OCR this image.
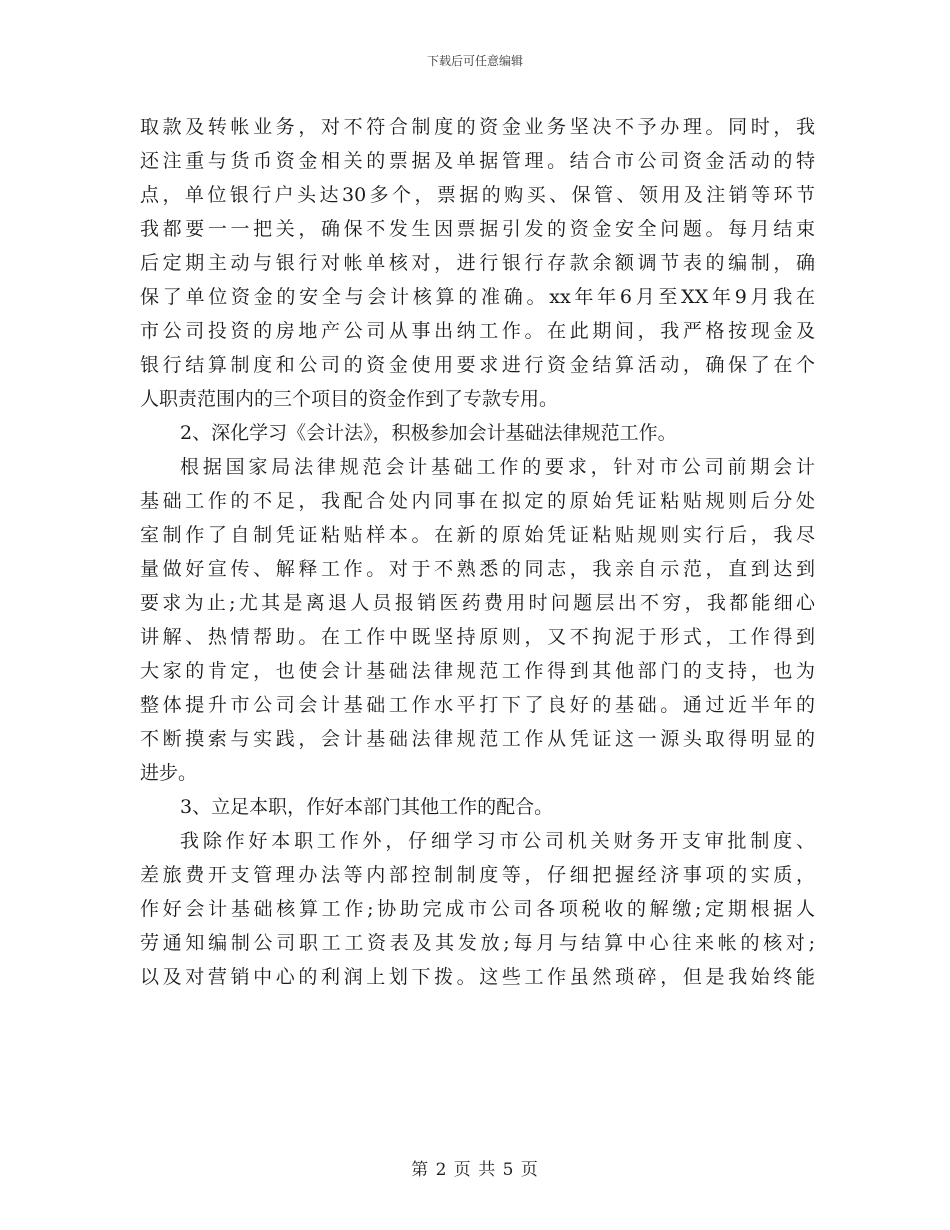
下载后可任意编辑
取款及转帐业务，对不符合制度的资金业务坚决不予办理。同时，我
还注重与货币资金相关的票据及单据管理。结合市公司资金活动的特
点，单位银行户头达30多个，票据的购买、保管、领用及注销等环节
我都要一一把关，确保不发生因票据引发的资金安全问题。每月结束
后定期主动与银行对帐单核对，进行银行存款余额调节表的编制，确
保了单位资金的安全与会计核算的准确。xx年年6月至XX年9月我在
市公司投资的房地产公司从事出纳工作。在此期间，我严格按现金及
银行结算制度和公司的资金使用要求进行资金结算活动，确保了在个
人职责范围内的三个项目的资金作到了专款专用。
2、深化学习《会计法》，积极参加会计基础法律规范工作。
根据国家局法律规范会计基础工作的要求，针对市公司前期会计
基础工作的不足，我配合处内同事在拟定的原始凭证粘贴规则后分处
室制作了自制凭证粘贴样本。在新的原始凭证粘贴规则实行后，我尽
量做好宣传、解释工作。对于不熟悉的同志，我亲自示范，直到达到
要求为止;尤其是离退人员报销医药费用时问题层出不穷，我都能细心
讲解、热情帮助。在工作中既坚持原则，又不拘泥于形式，工作得到
大家的肯定，也使会计基础法律规范工作得到其他部门的支持，也为
整体提升市公司会计基础工作水平打下了良好的基础。通过近半年的
不断摸索与实践，会计基础法律规范工作从凭证这一源头取得明显的
进步。
3、立足本职，作好本部门其他工作的配合。
我除作好本职工作外，仔细学习市公司机关财务开支审批制度、
差旅费开支管理办法等内部控制制度等，仔细把握经济事项的实质，
作好会计基础核算工作;协助完成市公司各项税收的解缴;定期根据人
劳通知编制公司职工工资表及其发放;每月与结算中心往来帐的核对;
以及对营销中心的利润上划下拨。这些工作虽然琐碎，但是我始终能
第 2 页 共 5 页
